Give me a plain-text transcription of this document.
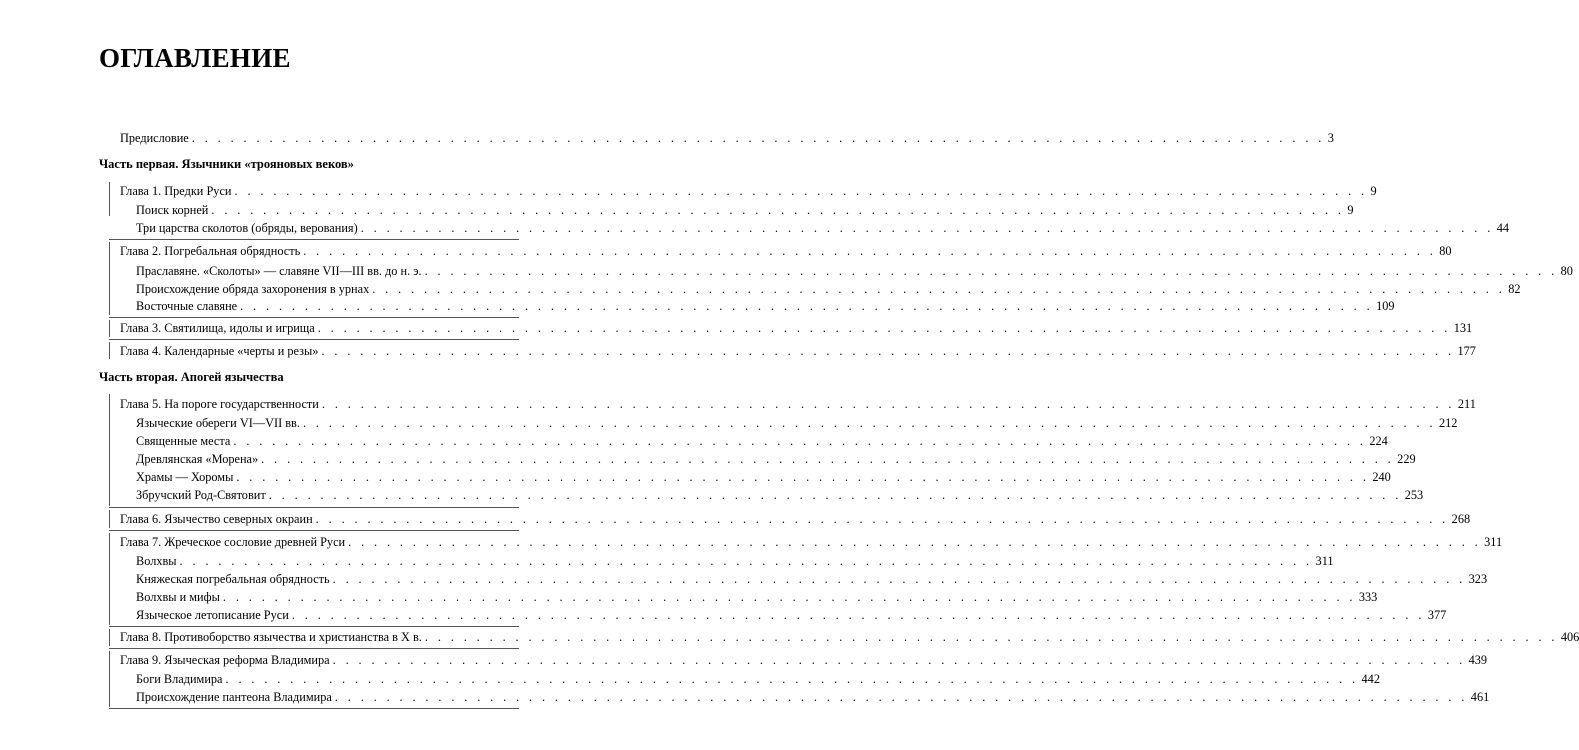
ОГЛАВЛЕНИЕ
Предисловие . . . . . . . . . . . . . . . . . . . . . . . . . . . . . . . . . . . . . . . . . . . . . . . . . . . . . . . . . . . . . . . . . . . . . . . . . . . . . . . . . . . . . . . . 3
Часть первая. Язычники «трояновых веков»
Глава 1. Предки Руси . . . . . . . . . . . . . . . . . . . . . . . . . . . . . . . . . . . . . . . . . . . . . . . . . . . . . . . . . . . . . . . . . . . . . . . . . . . . . . . . . . . . . . . . 9
Поиск корней . . . . . . . . . . . . . . . . . . . . . . . . . . . . . . . . . . . . . . . . . . . . . . . . . . . . . . . . . . . . . . . . . . . . . . . . . . . . . . . . . . . . . . . . 9
Три царства сколотов (обряды, верования) . . . . . . . . . . . . . . . . . . . . . . . . . . . . . . . . . . . . . . . . . . . . . . . . . . . . . . . . . . . . . . . . . . . . . . . . . . . . . . . . . . . . . . . . 44
Глава 2. Погребальная обрядность . . . . . . . . . . . . . . . . . . . . . . . . . . . . . . . . . . . . . . . . . . . . . . . . . . . . . . . . . . . . . . . . . . . . . . . . . . . . . . . . . . . . . . . . 80
Праславяне. «Сколоты» — славяне VII—III вв. до н. э. . . . . . . . . . . . . . . . . . . . . . . . . . . . . . . . . . . . . . . . . . . . . . . . . . . . . . . . . . . . . . . . . . . . . . . . . . . . . . . . . . . . . . . . . 80
Происхождение обряда захоронения в урнах . . . . . . . . . . . . . . . . . . . . . . . . . . . . . . . . . . . . . . . . . . . . . . . . . . . . . . . . . . . . . . . . . . . . . . . . . . . . . . . . . . . . . . . . 82
Восточные славяне . . . . . . . . . . . . . . . . . . . . . . . . . . . . . . . . . . . . . . . . . . . . . . . . . . . . . . . . . . . . . . . . . . . . . . . . . . . . . . . . . . . . . . . . 109
Глава 3. Святилища, идолы и игрища . . . . . . . . . . . . . . . . . . . . . . . . . . . . . . . . . . . . . . . . . . . . . . . . . . . . . . . . . . . . . . . . . . . . . . . . . . . . . . . . . . . . . . . . 131
Глава 4. Календарные «черты и резы» . . . . . . . . . . . . . . . . . . . . . . . . . . . . . . . . . . . . . . . . . . . . . . . . . . . . . . . . . . . . . . . . . . . . . . . . . . . . . . . . . . . . . . . . 177
Часть вторая. Апогей язычества
Глава 5. На пороге государственности . . . . . . . . . . . . . . . . . . . . . . . . . . . . . . . . . . . . . . . . . . . . . . . . . . . . . . . . . . . . . . . . . . . . . . . . . . . . . . . . . . . . . . . . 211
Языческие обереги VI—VII вв. . . . . . . . . . . . . . . . . . . . . . . . . . . . . . . . . . . . . . . . . . . . . . . . . . . . . . . . . . . . . . . . . . . . . . . . . . . . . . . . . . . . . . . . . 212
Священные места . . . . . . . . . . . . . . . . . . . . . . . . . . . . . . . . . . . . . . . . . . . . . . . . . . . . . . . . . . . . . . . . . . . . . . . . . . . . . . . . . . . . . . . . 224
Древлянская «Морена» . . . . . . . . . . . . . . . . . . . . . . . . . . . . . . . . . . . . . . . . . . . . . . . . . . . . . . . . . . . . . . . . . . . . . . . . . . . . . . . . . . . . . . . . 229
Храмы — Хоромы . . . . . . . . . . . . . . . . . . . . . . . . . . . . . . . . . . . . . . . . . . . . . . . . . . . . . . . . . . . . . . . . . . . . . . . . . . . . . . . . . . . . . . . . 240
Збручский Род-Святовит . . . . . . . . . . . . . . . . . . . . . . . . . . . . . . . . . . . . . . . . . . . . . . . . . . . . . . . . . . . . . . . . . . . . . . . . . . . . . . . . . . . . . . . . 253
Глава 6. Язычество северных окраин . . . . . . . . . . . . . . . . . . . . . . . . . . . . . . . . . . . . . . . . . . . . . . . . . . . . . . . . . . . . . . . . . . . . . . . . . . . . . . . . . . . . . . . . 268
Глава 7. Жреческое сословие древней Руси . . . . . . . . . . . . . . . . . . . . . . . . . . . . . . . . . . . . . . . . . . . . . . . . . . . . . . . . . . . . . . . . . . . . . . . . . . . . . . . . . . . . . . . . 311
Волхвы . . . . . . . . . . . . . . . . . . . . . . . . . . . . . . . . . . . . . . . . . . . . . . . . . . . . . . . . . . . . . . . . . . . . . . . . . . . . . . . . . . . . . . . . 311
Княжеская погребальная обрядность . . . . . . . . . . . . . . . . . . . . . . . . . . . . . . . . . . . . . . . . . . . . . . . . . . . . . . . . . . . . . . . . . . . . . . . . . . . . . . . . . . . . . . . . 323
Волхвы и мифы . . . . . . . . . . . . . . . . . . . . . . . . . . . . . . . . . . . . . . . . . . . . . . . . . . . . . . . . . . . . . . . . . . . . . . . . . . . . . . . . . . . . . . . . 333
Языческое летописание Руси . . . . . . . . . . . . . . . . . . . . . . . . . . . . . . . . . . . . . . . . . . . . . . . . . . . . . . . . . . . . . . . . . . . . . . . . . . . . . . . . . . . . . . . . 377
Глава 8. Противоборство язычества и христианства в X в. . . . . . . . . . . . . . . . . . . . . . . . . . . . . . . . . . . . . . . . . . . . . . . . . . . . . . . . . . . . . . . . . . . . . . . . . . . . . . . . . . . . . . . . . 406
Глава 9. Языческая реформа Владимира . . . . . . . . . . . . . . . . . . . . . . . . . . . . . . . . . . . . . . . . . . . . . . . . . . . . . . . . . . . . . . . . . . . . . . . . . . . . . . . . . . . . . . . . 439
Боги Владимира . . . . . . . . . . . . . . . . . . . . . . . . . . . . . . . . . . . . . . . . . . . . . . . . . . . . . . . . . . . . . . . . . . . . . . . . . . . . . . . . . . . . . . . . 442
Происхождение пантеона Владимира . . . . . . . . . . . . . . . . . . . . . . . . . . . . . . . . . . . . . . . . . . . . . . . . . . . . . . . . . . . . . . . . . . . . . . . . . . . . . . . . . . . . . . . . 461
